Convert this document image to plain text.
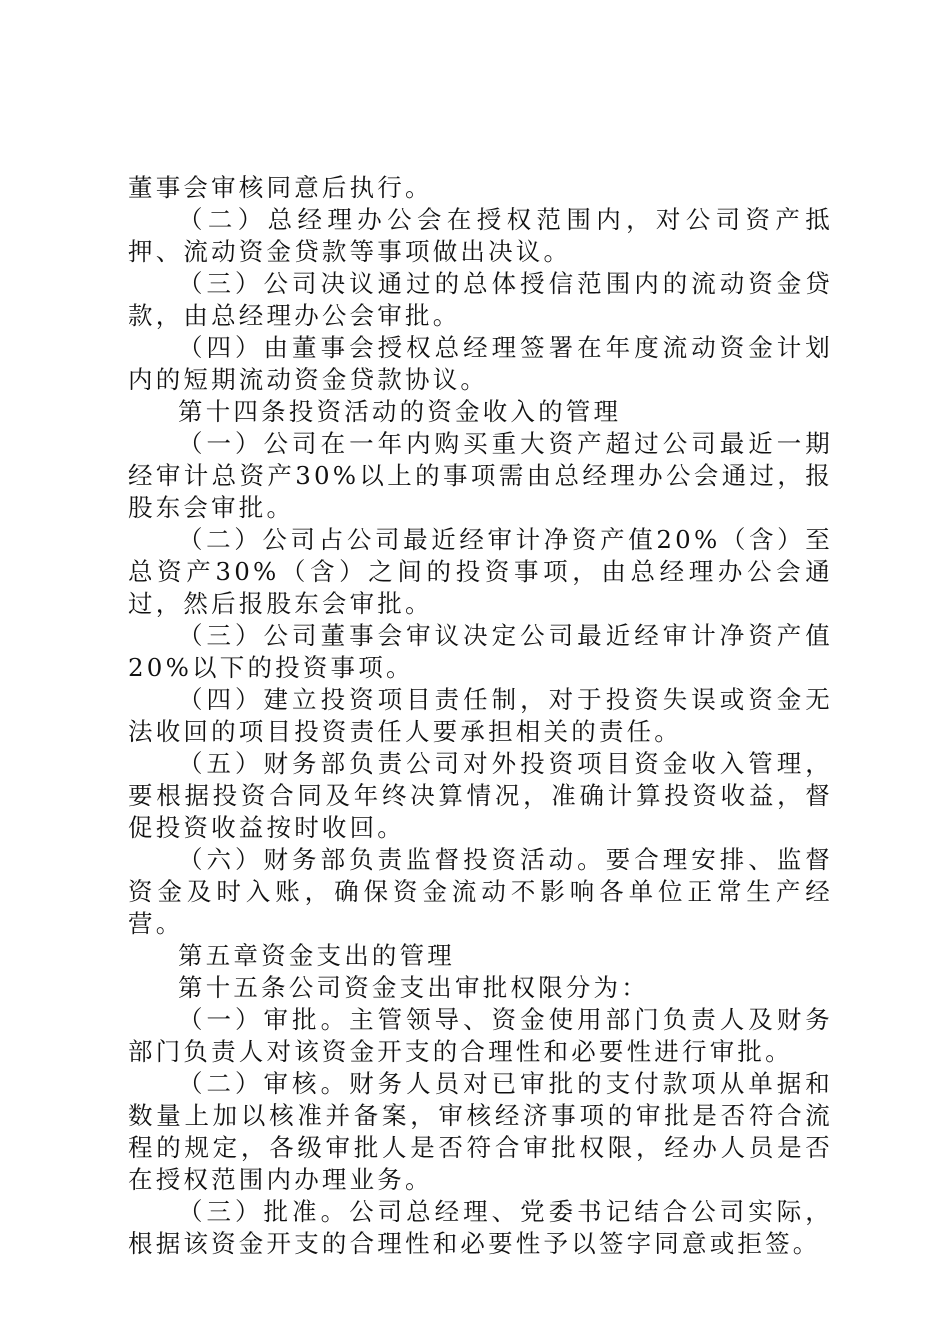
董事会审核同意后执行。

（二）总经理办公会在授权范围内，对公司资产抵押、流动资金贷款等事项做出决议。

（三）公司决议通过的总体授信范围内的流动资金贷款，由总经理办公会审批。

（四）由董事会授权总经理签署在年度流动资金计划内的短期流动资金贷款协议。

第十四条投资活动的资金收入的管理

（一）公司在一年内购买重大资产超过公司最近一期经审计总资产30%以上的事项需由总经理办公会通过，报股东会审批。

（二）公司占公司最近经审计净资产值20%（含）至总资产30%（含）之间的投资事项，由总经理办公会通过，然后报股东会审批。

（三）公司董事会审议决定公司最近经审计净资产值20%以下的投资事项。

（四）建立投资项目责任制，对于投资失误或资金无法收回的项目投资责任人要承担相关的责任。

（五）财务部负责公司对外投资项目资金收入管理，要根据投资合同及年终决算情况，准确计算投资收益，督促投资收益按时收回。

（六）财务部负责监督投资活动。要合理安排、监督资金及时入账，确保资金流动不影响各单位正常生产经营。

第五章资金支出的管理

第十五条公司资金支出审批权限分为：

（一）审批。主管领导、资金使用部门负责人及财务部门负责人对该资金开支的合理性和必要性进行审批。

（二）审核。财务人员对已审批的支付款项从单据和数量上加以核准并备案，审核经济事项的审批是否符合流程的规定，各级审批人是否符合审批权限，经办人员是否在授权范围内办理业务。

（三）批准。公司总经理、党委书记结合公司实际，根据该资金开支的合理性和必要性予以签字同意或拒签。
